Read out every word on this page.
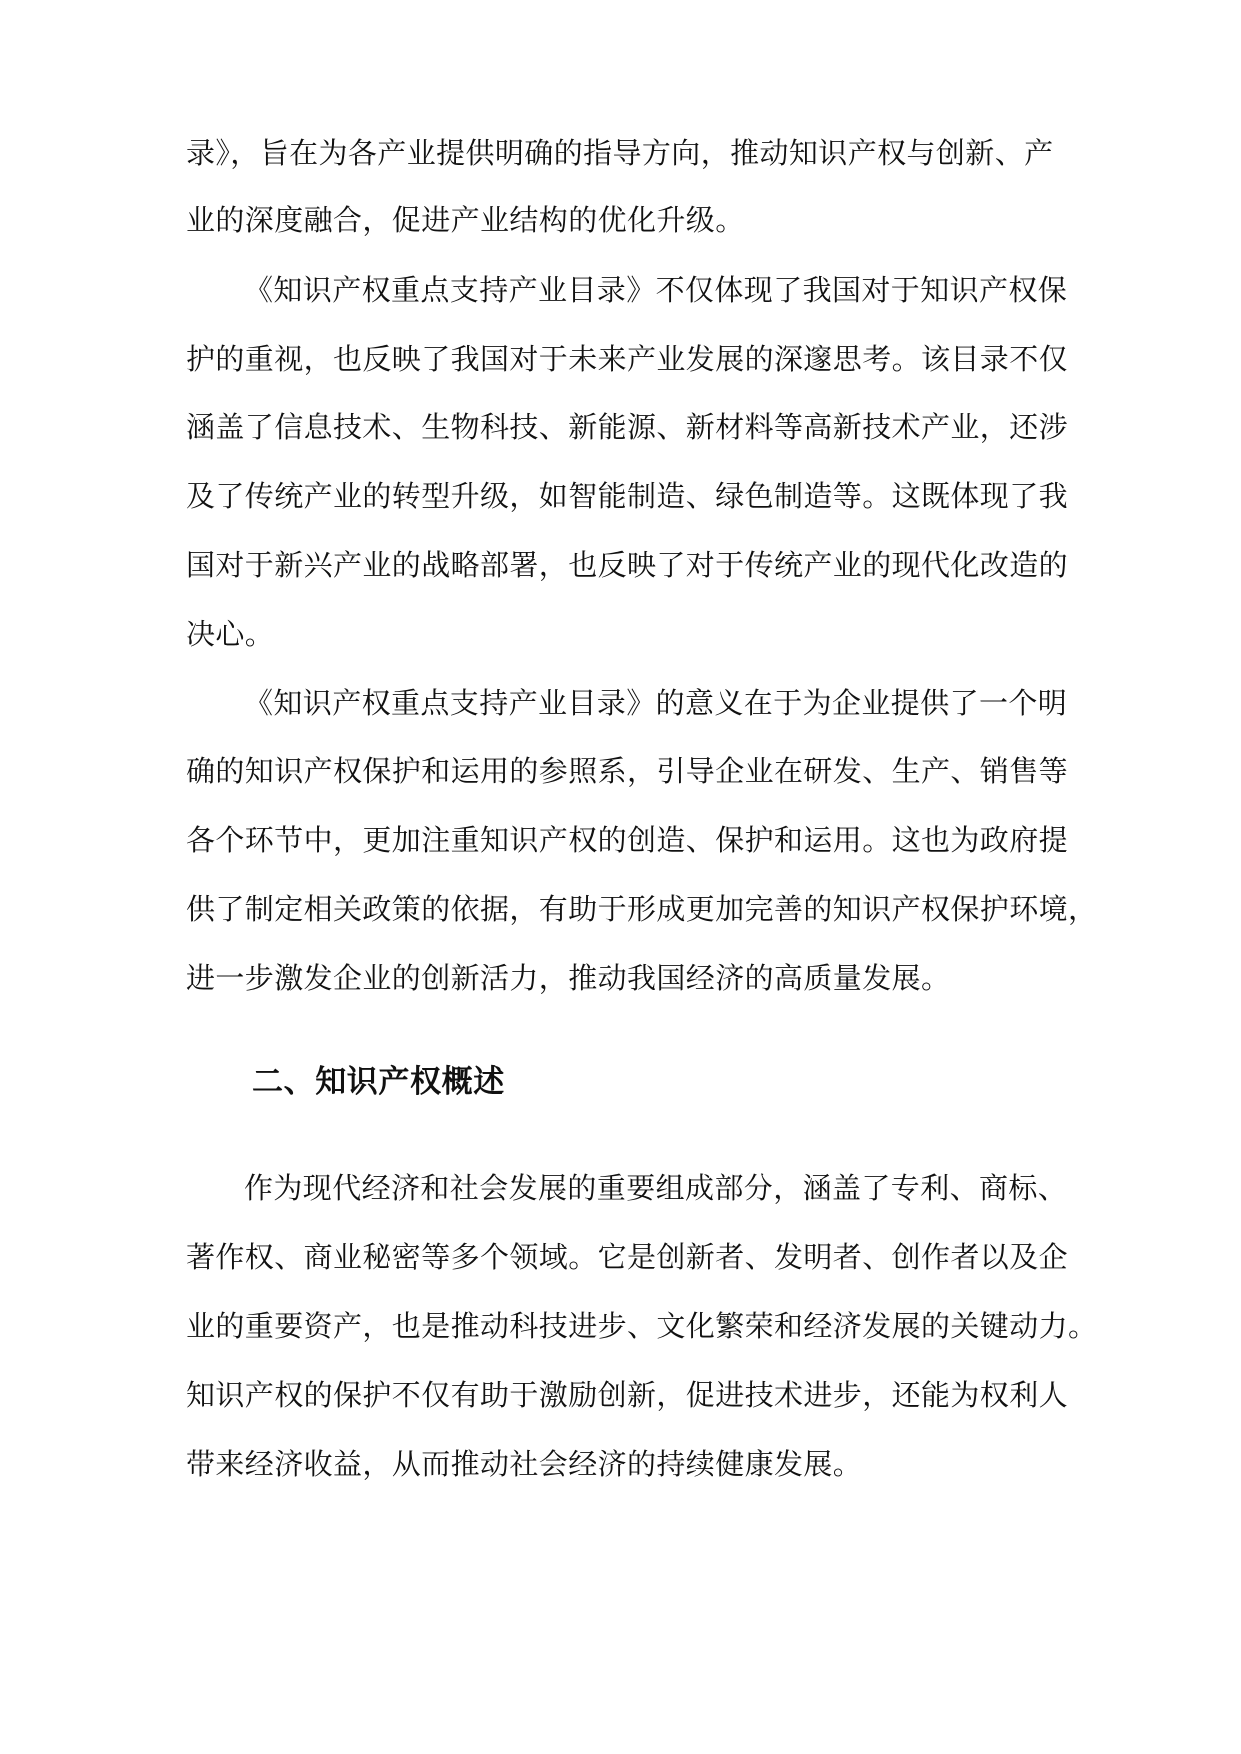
录》，旨在为各产业提供明确的指导方向，推动知识产权与创新、产
业的深度融合，促进产业结构的优化升级。
《知识产权重点支持产业目录》不仅体现了我国对于知识产权保
护的重视，也反映了我国对于未来产业发展的深邃思考。该目录不仅
涵盖了信息技术、生物科技、新能源、新材料等高新技术产业，还涉
及了传统产业的转型升级，如智能制造、绿色制造等。这既体现了我
国对于新兴产业的战略部署，也反映了对于传统产业的现代化改造的
决心。
《知识产权重点支持产业目录》的意义在于为企业提供了一个明
确的知识产权保护和运用的参照系，引导企业在研发、生产、销售等
各个环节中，更加注重知识产权的创造、保护和运用。这也为政府提
供了制定相关政策的依据，有助于形成更加完善的知识产权保护环境，
进一步激发企业的创新活力，推动我国经济的高质量发展。
二、知识产权概述
作为现代经济和社会发展的重要组成部分，涵盖了专利、商标、
著作权、商业秘密等多个领域。它是创新者、发明者、创作者以及企
业的重要资产，也是推动科技进步、文化繁荣和经济发展的关键动力。
知识产权的保护不仅有助于激励创新，促进技术进步，还能为权利人
带来经济收益，从而推动社会经济的持续健康发展。
